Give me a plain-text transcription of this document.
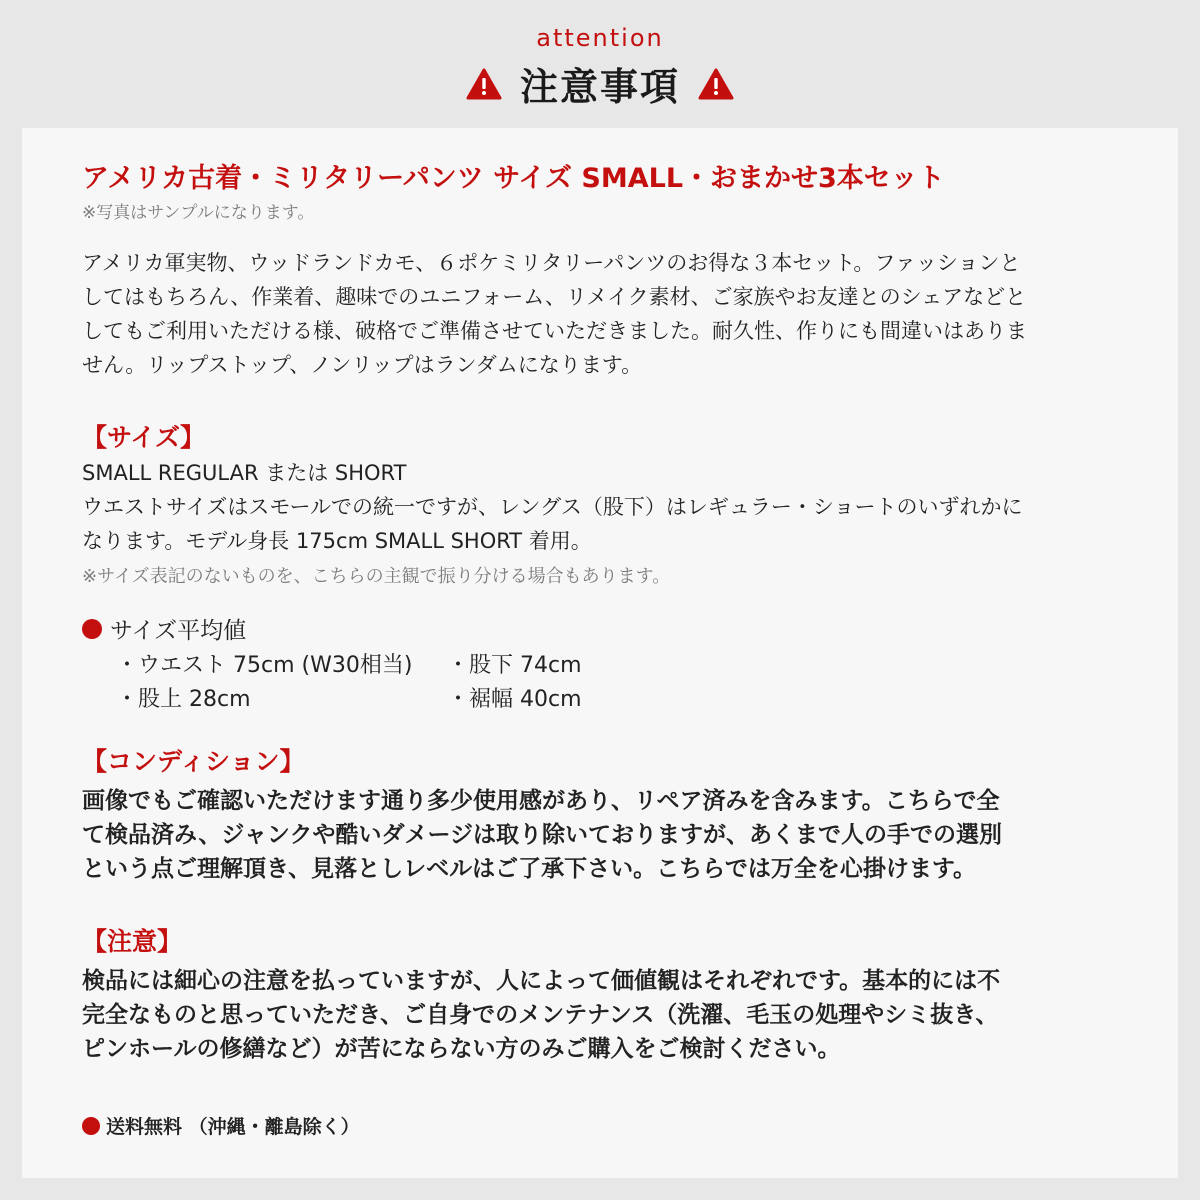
attention
注意事項
アメリカ古着・ミリタリーパンツ サイズ SMALL・おまかせ3本セット
※写真はサンプルになります。
アメリカ軍実物、ウッドランドカモ、６ポケミリタリーパンツのお得な３本セット。ファッションと
してはもちろん、作業着、趣味でのユニフォーム、リメイク素材、ご家族やお友達とのシェアなどと
してもご利用いただける様、破格でご準備させていただきました。耐久性、作りにも間違いはありま
せん。リップストップ、ノンリップはランダムになります。
【サイズ】
SMALL REGULAR または SHORT
ウエストサイズはスモールでの統一ですが、レングス（股下）はレギュラー・ショートのいずれかに
なります。モデル身長 175cm SMALL SHORT 着用。
※サイズ表記のないものを、こちらの主観で振り分ける場合もあります。
サイズ平均値
・ウエスト 75cm (W30相当) ・股下 74cm
・股上 28cm	・裾幅 40cm
【コンディション】
画像でもご確認いただけます通り多少使用感があり、リペア済みを含みます。こちらで全
て検品済み、ジャンクや酷いダメージは取り除いておりますが、あくまで人の手での選別
という点ご理解頂き、見落としレベルはご了承下さい。こちらでは万全を心掛けます。
【注意】
検品には細心の注意を払っていますが、人によって価値観はそれぞれです。基本的には不
完全なものと思っていただき、ご自身でのメンテナンス（洗濯、毛玉の処理やシミ抜き、
ピンホールの修繕など）が苦にならない方のみご購入をご検討ください。
送料無料 （沖縄・離島除く）
